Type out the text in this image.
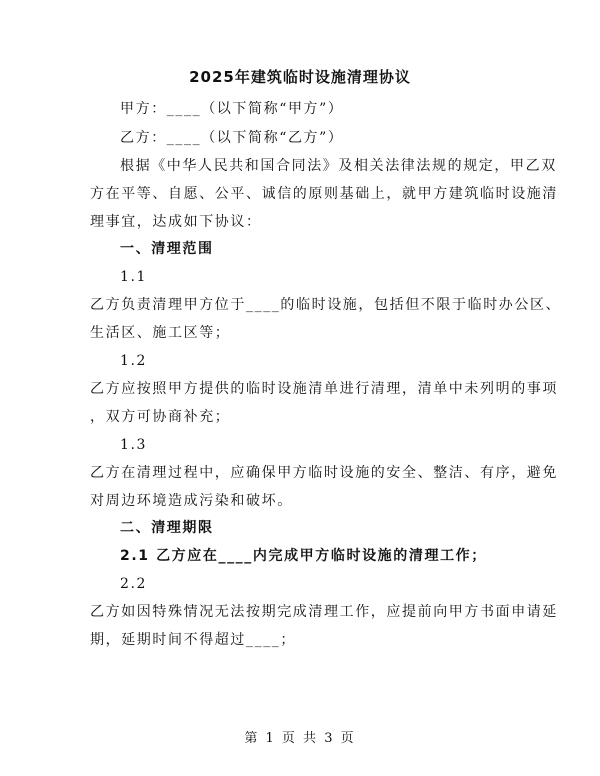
2025年建筑临时设施清理协议
甲方：____（以下简称“甲方”）
乙方：____（以下简称“乙方”）
根据《中华人民共和国合同法》及相关法律法规的规定，甲乙双
方在平等、自愿、公平、诚信的原则基础上，就甲方建筑临时设施清
理事宜，达成如下协议：
一、清理范围
1.1
乙方负责清理甲方位于____的临时设施，包括但不限于临时办公区、
生活区、施工区等；
1.2
乙方应按照甲方提供的临时设施清单进行清理，清单中未列明的事项
，双方可协商补充；
1.3
乙方在清理过程中，应确保甲方临时设施的安全、整洁、有序，避免
对周边环境造成污染和破坏。
二、清理期限
2.1 乙方应在____内完成甲方临时设施的清理工作；
2.2
乙方如因特殊情况无法按期完成清理工作，应提前向甲方书面申请延
期，延期时间不得超过____；
第 1 页 共 3 页
